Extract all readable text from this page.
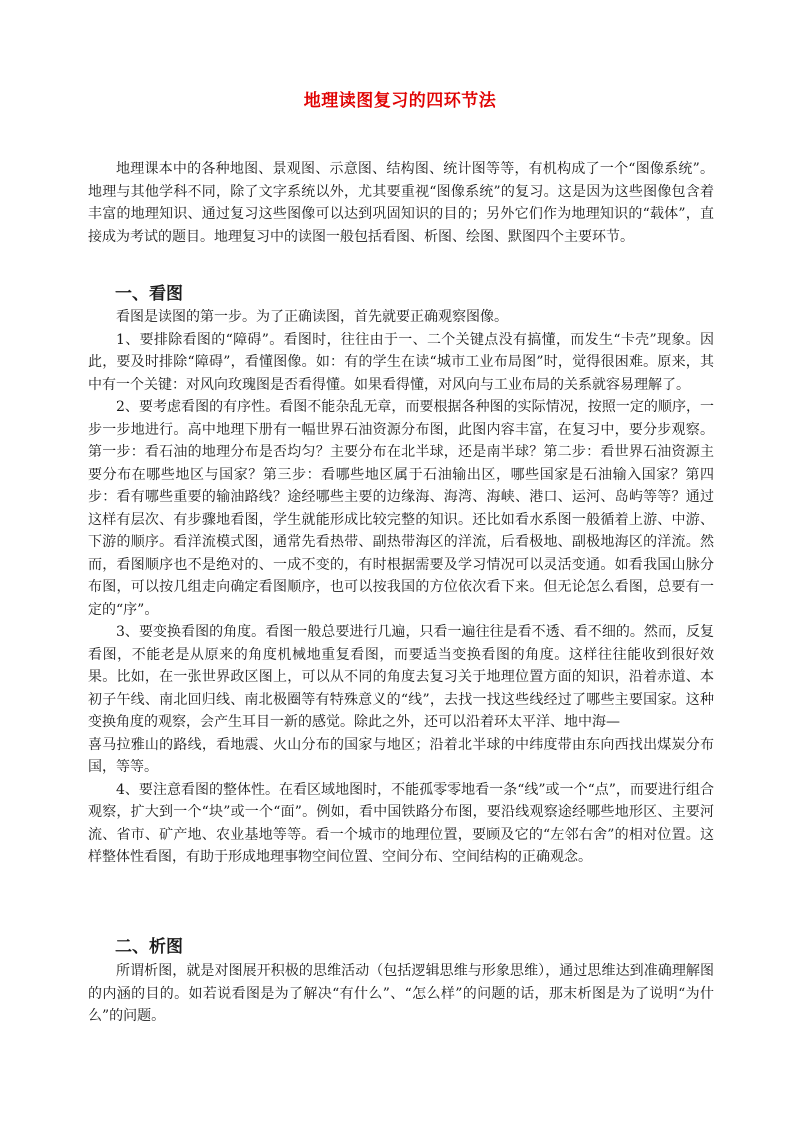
地理读图复习的四环节法

地理课本中的各种地图、景观图、示意图、结构图、统计图等等，有机构成了一个“图像系统”。地理与其他学科不同，除了文字系统以外，尤其要重视“图像系统”的复习。这是因为这些图像包含着丰富的地理知识、通过复习这些图像可以达到巩固知识的目的；另外它们作为地理知识的“载体”，直接成为考试的题目。地理复习中的读图一般包括看图、析图、绘图、默图四个主要环节。

一、看图

看图是读图的第一步。为了正确读图，首先就要正确观察图像。

1、要排除看图的“障碍”。看图时，往往由于一、二个关键点没有搞懂，而发生“卡壳”现象。因此，要及时排除“障碍”，看懂图像。如：有的学生在读“城市工业布局图”时，觉得很困难。原来，其中有一个关键：对风向玫瑰图是否看得懂。如果看得懂，对风向与工业布局的关系就容易理解了。

2、要考虑看图的有序性。看图不能杂乱无章，而要根据各种图的实际情况，按照一定的顺序，一步一步地进行。高中地理下册有一幅世界石油资源分布图，此图内容丰富，在复习中，要分步观察。第一步：看石油的地理分布是否均匀？主要分布在北半球，还是南半球？第二步：看世界石油资源主要分布在哪些地区与国家？第三步：看哪些地区属于石油输出区，哪些国家是石油输入国家？第四步：看有哪些重要的输油路线？途经哪些主要的边缘海、海湾、海峡、港口、运河、岛屿等等？通过这样有层次、有步骤地看图，学生就能形成比较完整的知识。还比如看水系图一般循着上游、中游、下游的顺序。看洋流模式图，通常先看热带、副热带海区的洋流，后看极地、副极地海区的洋流。然而，看图顺序也不是绝对的、一成不变的，有时根据需要及学习情况可以灵活变通。如看我国山脉分布图，可以按几组走向确定看图顺序，也可以按我国的方位依次看下来。但无论怎么看图，总要有一定的“序”。

3、要变换看图的角度。看图一般总要进行几遍，只看一遍往往是看不透、看不细的。然而，反复看图，不能老是从原来的角度机械地重复看图，而要适当变换看图的角度。这样往往能收到很好效果。比如，在一张世界政区图上，可以从不同的角度去复习关于地理位置方面的知识，沿着赤道、本初子午线、南北回归线、南北极圈等有特殊意义的“线”，去找一找这些线经过了哪些主要国家。这种变换角度的观察，会产生耳目一新的感觉。除此之外，还可以沿着环太平洋、地中海—

喜马拉雅山的路线，看地震、火山分布的国家与地区；沿着北半球的中纬度带由东向西找出煤炭分布国，等等。

4、要注意看图的整体性。在看区域地图时，不能孤零零地看一条“线”或一个“点”，而要进行组合观察，扩大到一个“块”或一个“面”。例如，看中国铁路分布图，要沿线观察途经哪些地形区、主要河流、省市、矿产地、农业基地等等。看一个城市的地理位置，要顾及它的“左邻右舍”的相对位置。这样整体性看图，有助于形成地理事物空间位置、空间分布、空间结构的正确观念。

二、析图

所谓析图，就是对图展开积极的思维活动（包括逻辑思维与形象思维），通过思维达到准确理解图的内涵的目的。如若说看图是为了解决“有什么”、“怎么样”的问题的话，那末析图是为了说明“为什么”的问题。
